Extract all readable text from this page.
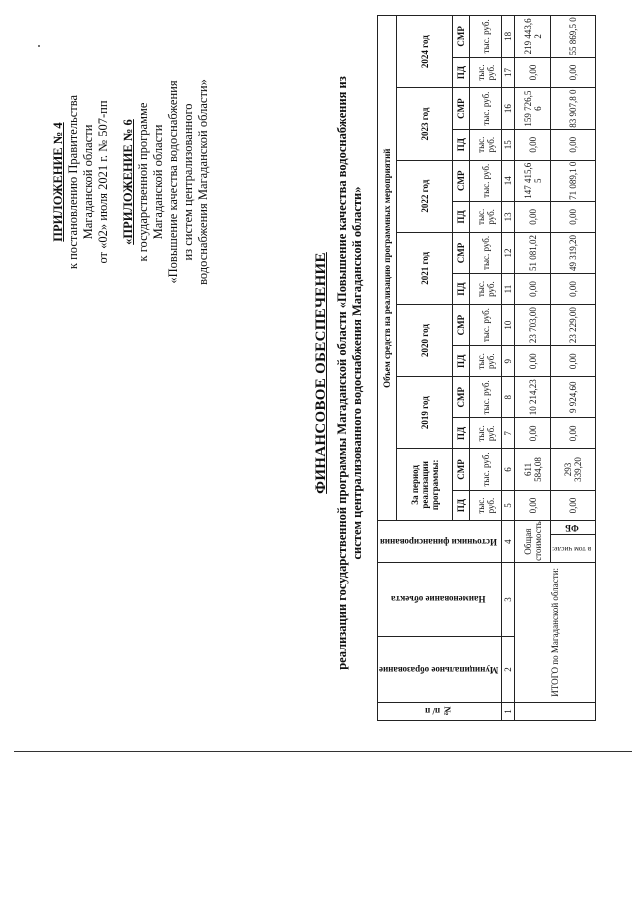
ПРИЛОЖЕНИЕ № 4 к постановлению Правительства Магаданской области от «02» июля 2021 г. № 507-пп «ПРИЛОЖЕНИЕ № 6 к государственной программе Магаданской области «Повышение качества водоснабжения из систем централизованного водоснабжения Магаданской области»
ФИНАНСОВОЕ ОБЕСПЕЧЕНИЕ реализации государственной программы Магаданской области «Повышение качества водоснабжения из систем централизованного водоснабжения Магаданской области»
№ п/ п	Муниципальное образование	Наименование объекта	Источники финансирования		Объем средств на реализацию программных мероприятий													
					За период реализации программы:		2019 год		2020 год		2021 год		2022 год		2023 год		2024 год	
					ПД	СМР	ПД	СМР	ПД	СМР	ПД	СМР	ПД	СМР	ПД	СМР	ПД	СМР
					тыс. руб.	тыс. руб.	тыс. руб.	тыс. руб.	тыс. руб.	тыс. руб.	тыс. руб.	тыс. руб.	тыс. руб.	тыс. руб.	тыс. руб.	тыс. руб.	тыс. руб.	тыс. руб.
1	2	3	4		5	6	7	8	9	10	11	12	13	14	15	16	17	18
	ИТОГО по Магаданской области:		Общая стоимость		0,00	611 584,08	0,00	10 214,23	0,00	23 703,00	0,00	51 081,02	0,00	147 415,6 5	0,00	159 726,5 6	0,00	219 443,6 2
			в том числе:	ФБ	0,00	293 339,20	0,00	9 924,60	0,00	23 229,00	0,00	49 319,20	0,00	71 089,1 0	0,00	83 907,8 0	0,00	55 869,5 0
